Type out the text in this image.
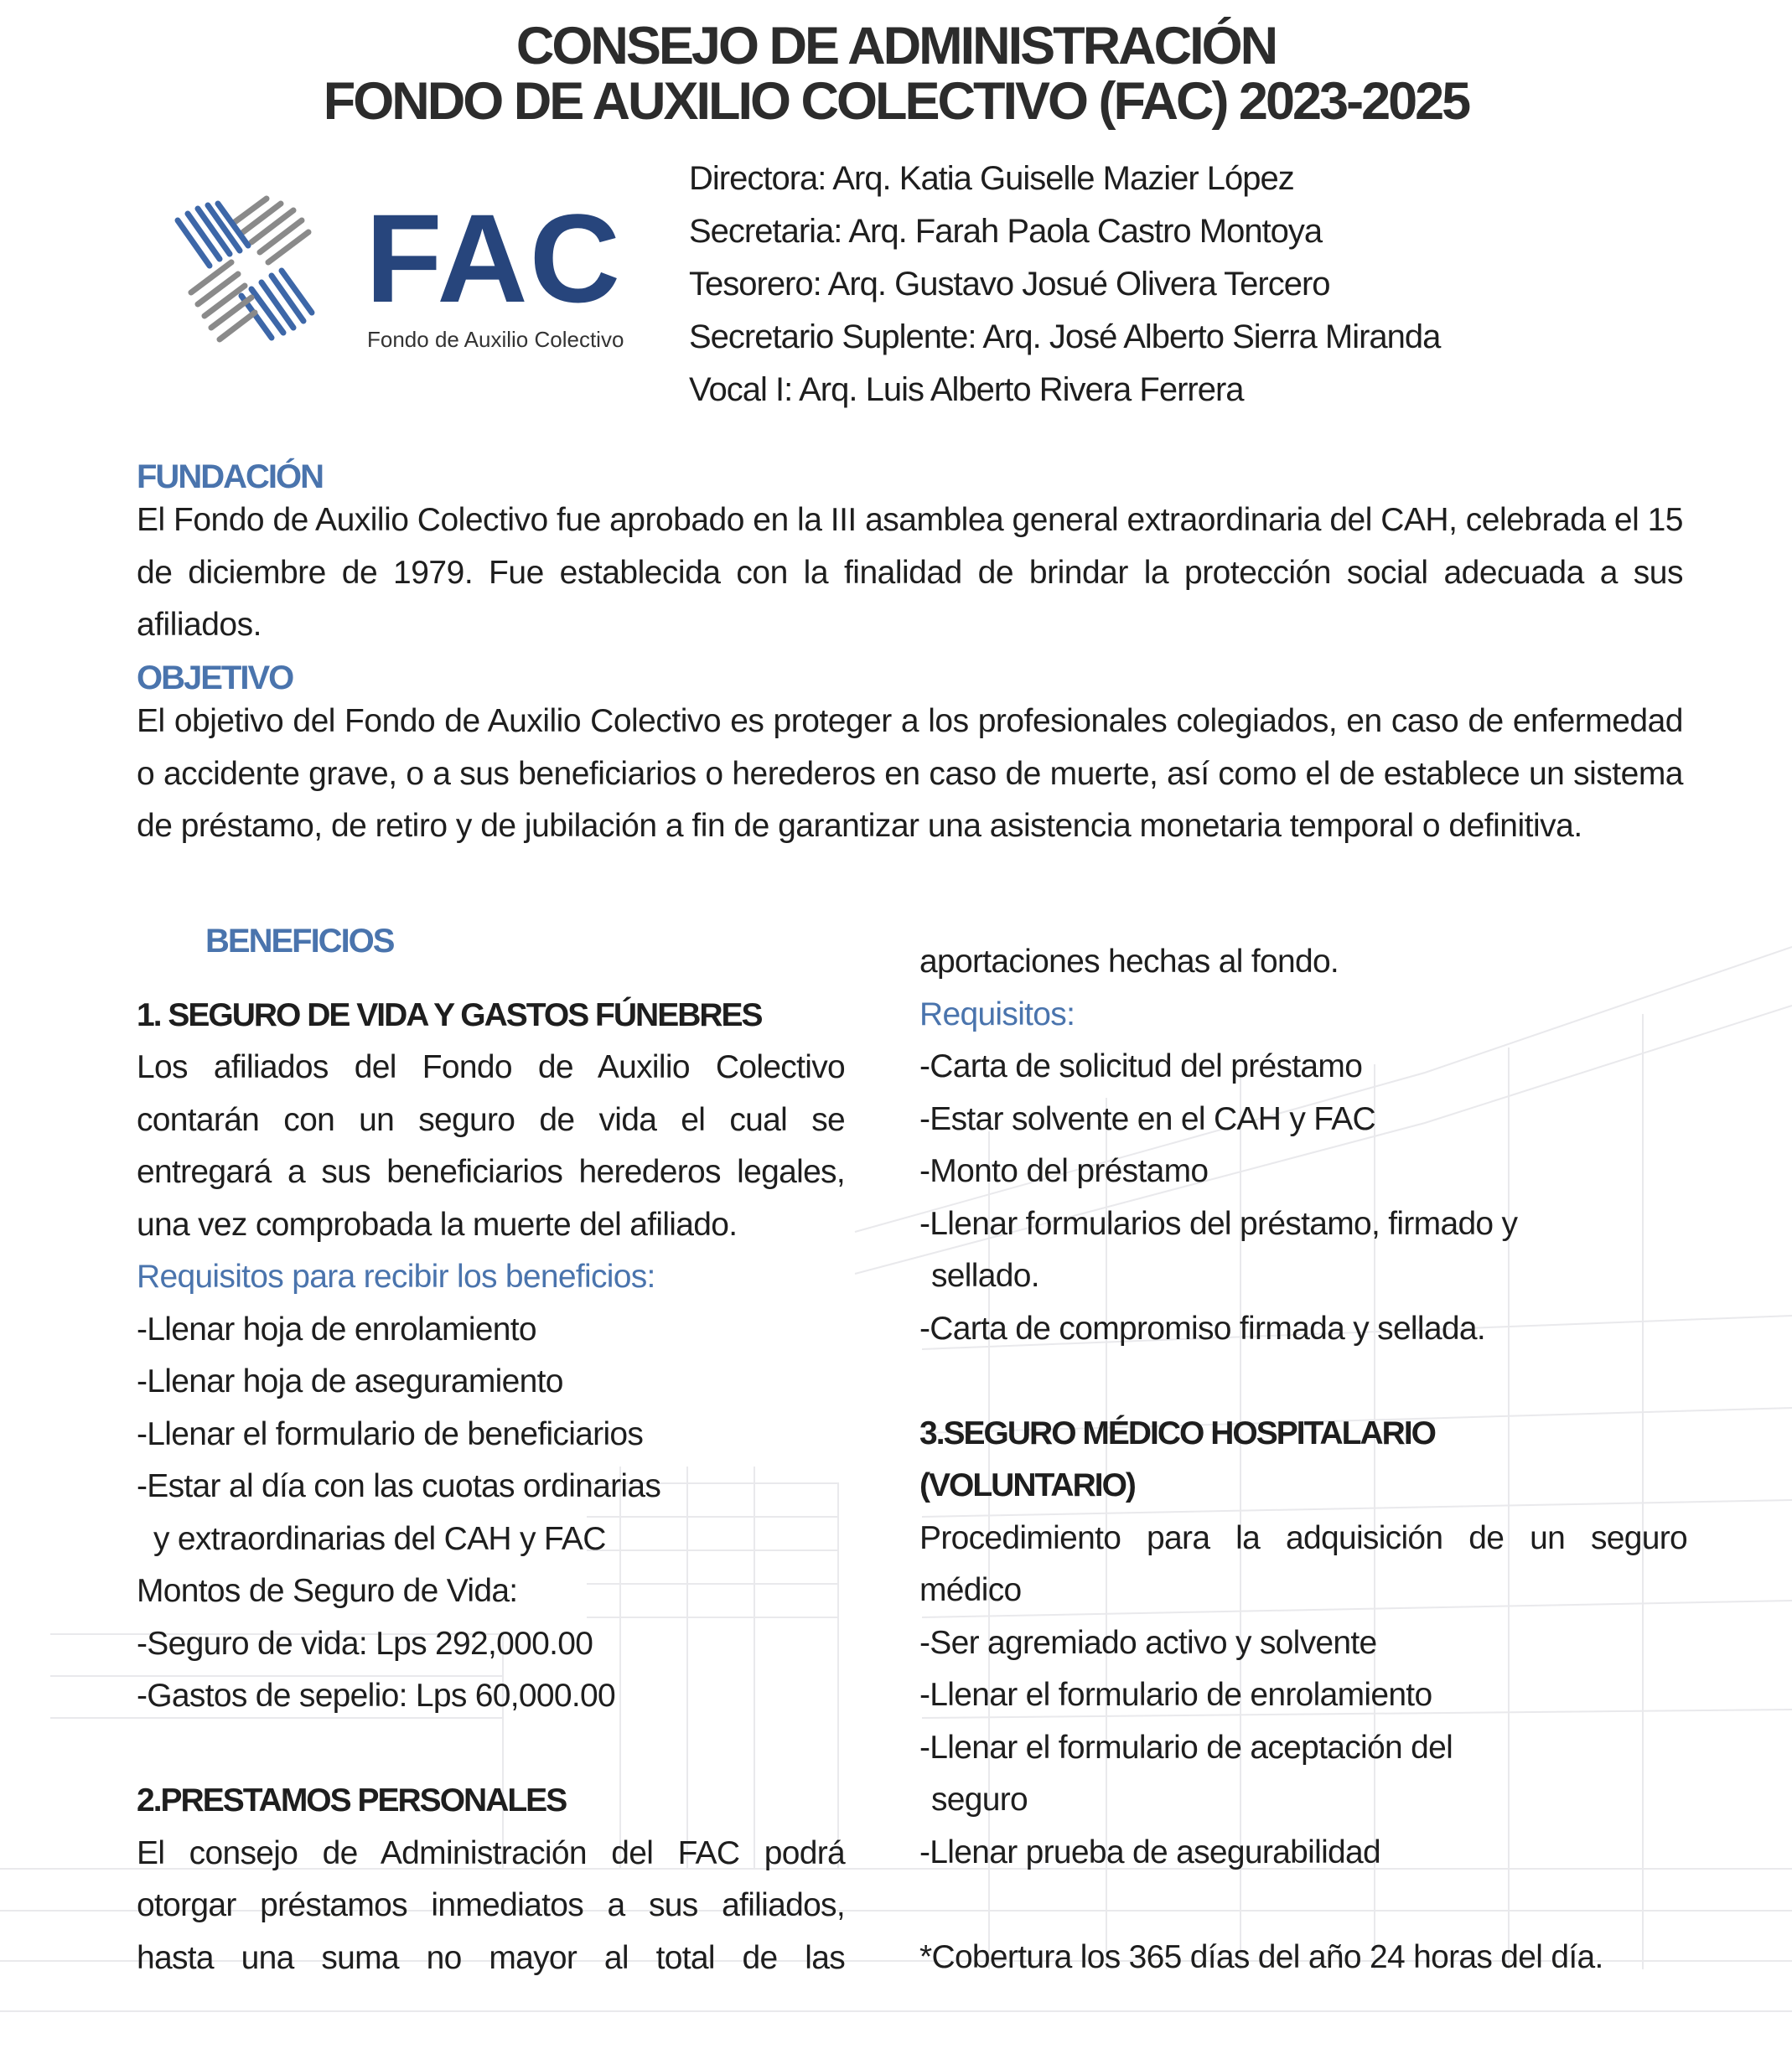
CONSEJO DE ADMINISTRACIÓN
FONDO DE AUXILIO COLECTIVO (FAC) 2023-2025
FAC
Fondo de Auxilio Colectivo
Directora: Arq. Katia Guiselle Mazier López
Secretaria: Arq. Farah Paola Castro Montoya
Tesorero: Arq. Gustavo Josué Olivera Tercero
Secretario Suplente: Arq. José Alberto Sierra Miranda
Vocal I: Arq. Luis Alberto Rivera Ferrera
FUNDACIÓN
El Fondo de Auxilio Colectivo fue aprobado en la III asamblea general extraordinaria del CAH, celebrada el 15 de diciembre de 1979. Fue establecida con la finalidad de brindar la protección social adecuada a sus afiliados.
OBJETIVO
El objetivo del Fondo de Auxilio Colectivo es proteger a los profesionales colegiados, en caso de enfermedad o accidente grave, o a sus beneficiarios o herederos en caso de muerte, así como el de establece un sistema de préstamo, de retiro y de jubilación a fin de garantizar una asistencia monetaria temporal o definitiva.
BENEFICIOS
1. SEGURO DE VIDA Y GASTOS FÚNEBRES
Los afiliados del Fondo de Auxilio Colectivo contarán con un seguro de vida el cual se entregará a sus beneficiarios herederos legales, una vez comprobada la muerte del afiliado.
Requisitos para recibir los beneficios:
-Llenar hoja de enrolamiento
-Llenar hoja de aseguramiento
-Llenar el formulario de beneficiarios
-Estar al día con las cuotas ordinarias
y extraordinarias del CAH y FAC
Montos de Seguro de Vida:
-Seguro de vida: Lps 292,000.00
-Gastos de sepelio: Lps 60,000.00
2.PRESTAMOS PERSONALES
El consejo de Administración del FAC podrá otorgar préstamos inmediatos a sus afiliados, hasta una suma no mayor al total de las
aportaciones hechas al fondo.
Requisitos:
-Carta de solicitud del préstamo
-Estar solvente en el CAH y FAC
-Monto del préstamo
-Llenar formularios del préstamo, firmado y
sellado.
-Carta de compromiso firmada y sellada.
3.SEGURO MÉDICO HOSPITALARIO
(VOLUNTARIO)
Procedimiento para la adquisición de un seguro médico
-Ser agremiado activo y solvente
-Llenar el formulario de enrolamiento
-Llenar el formulario de aceptación del
seguro
-Llenar prueba de asegurabilidad
*Cobertura los 365 días del año 24 horas del día.
